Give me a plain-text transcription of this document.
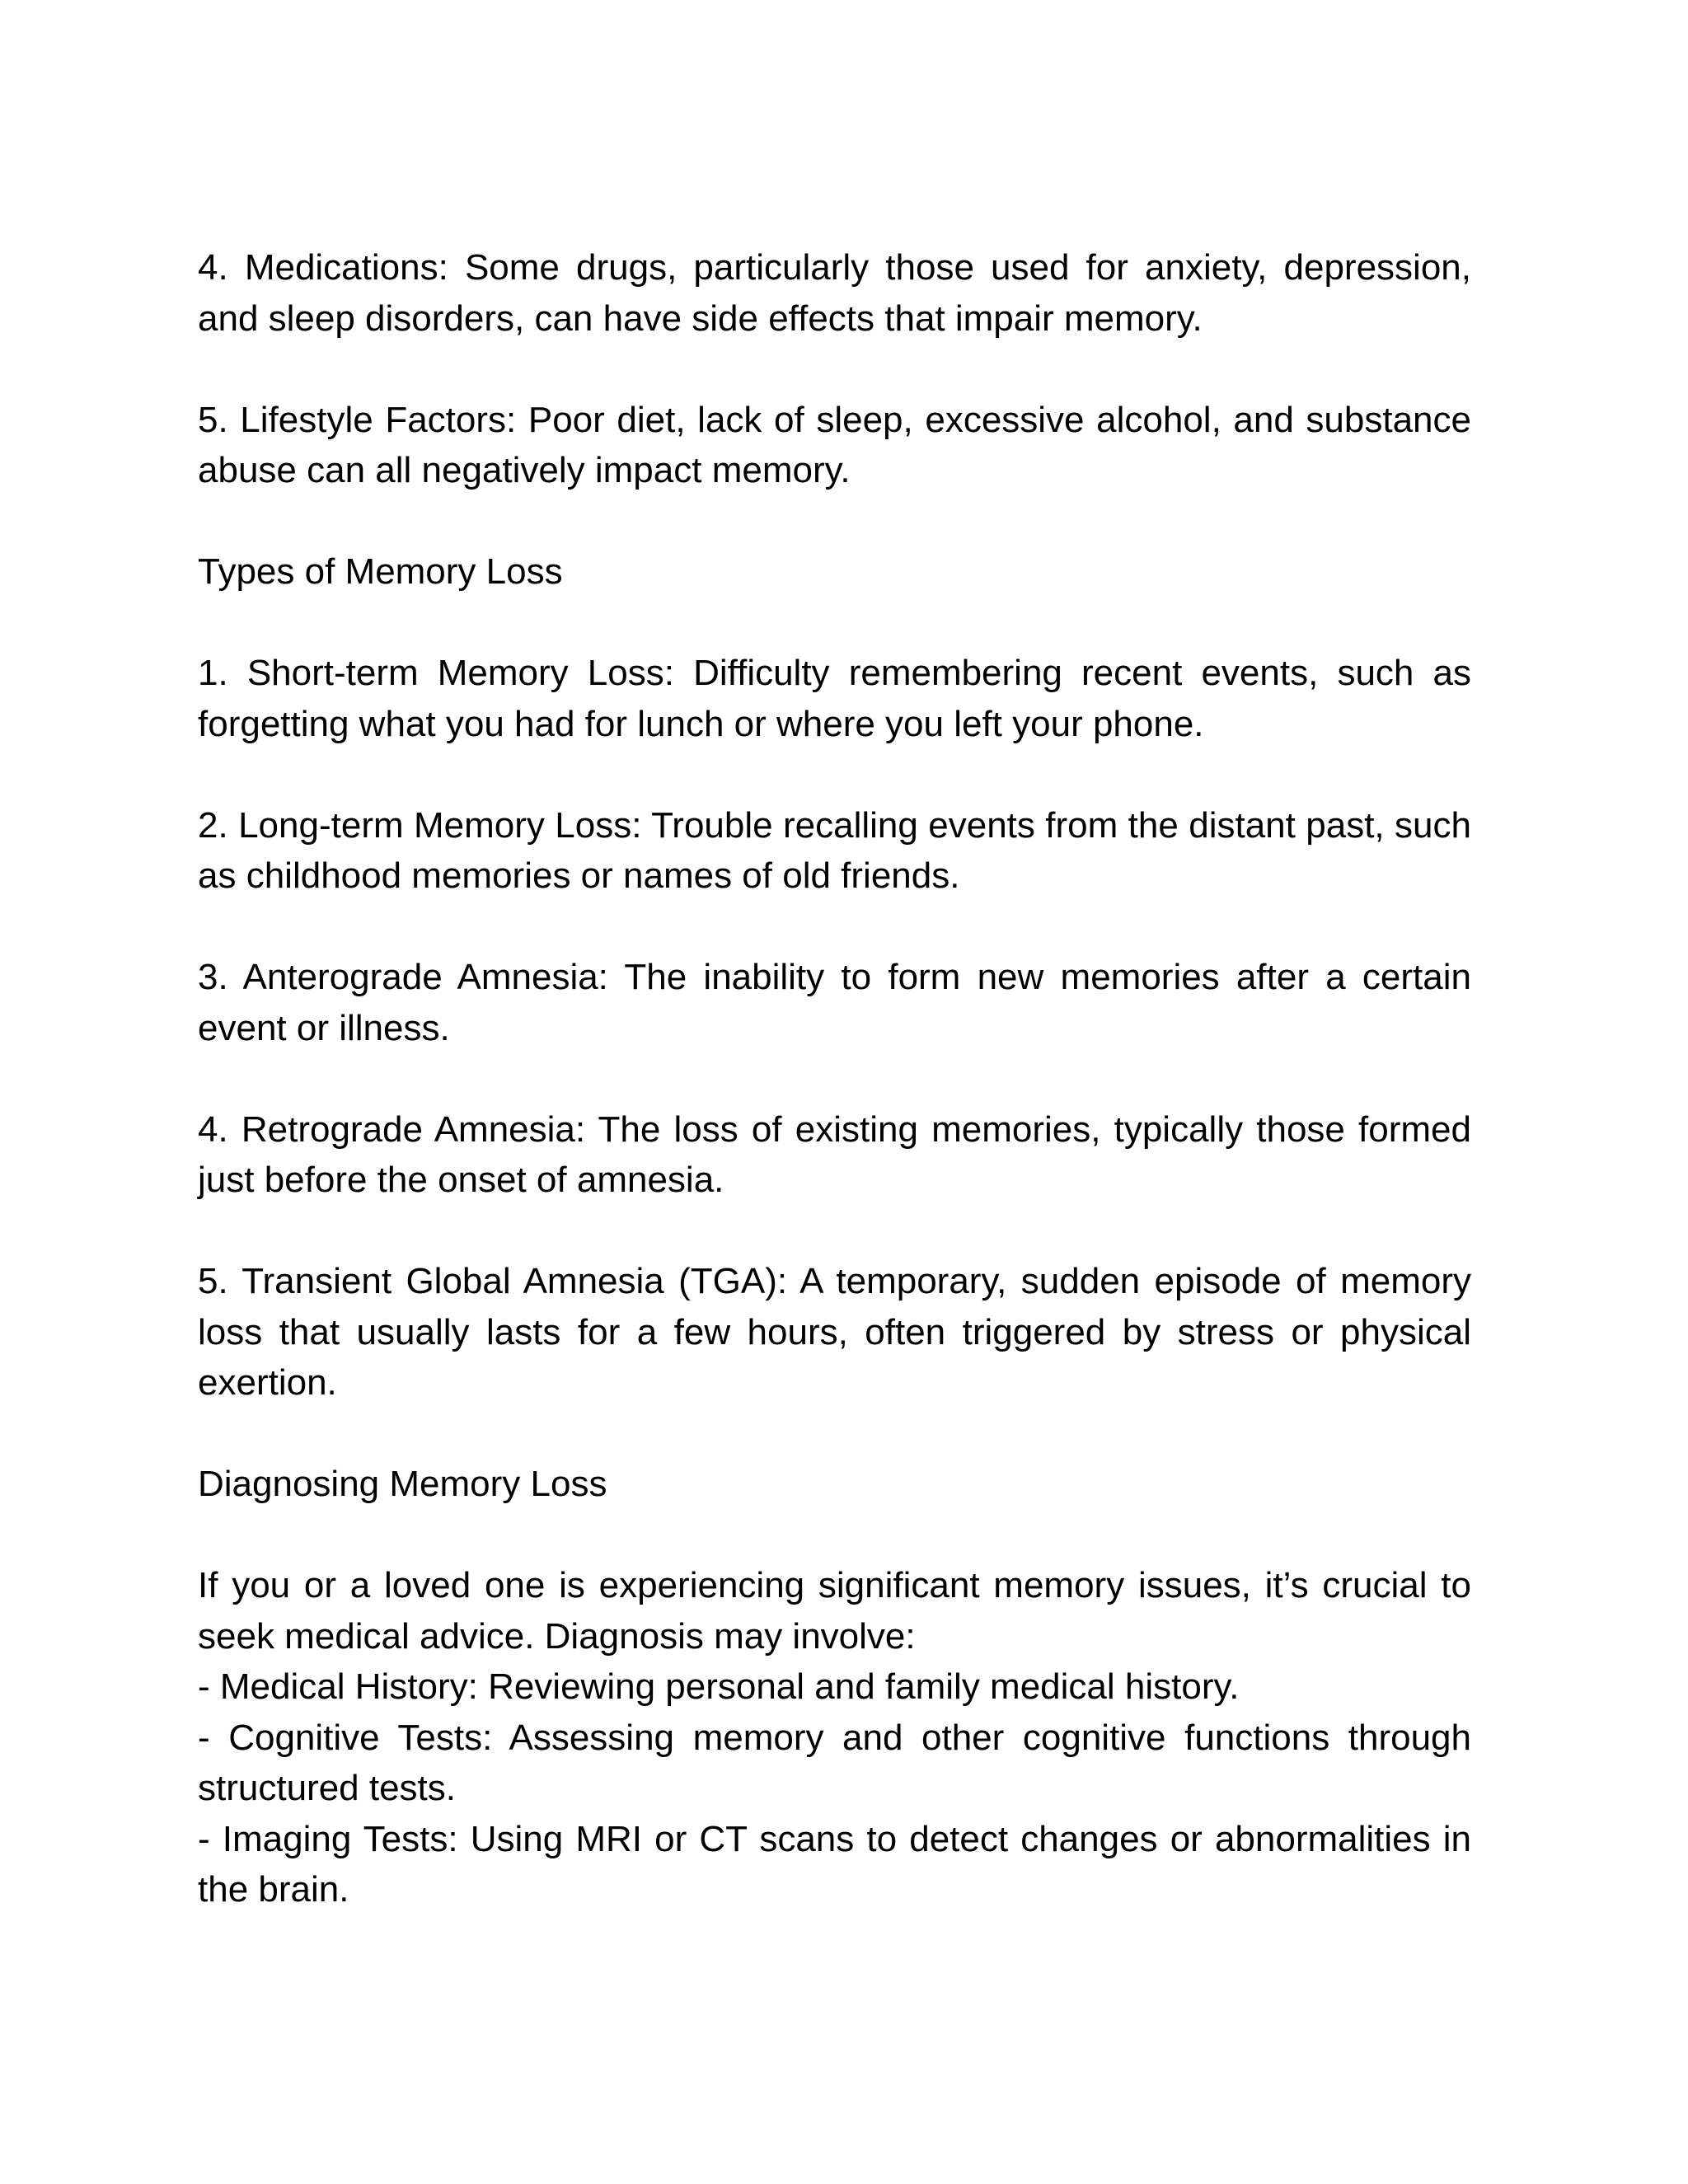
4. Medications: Some drugs, particularly those used for anxiety, depression, and sleep disorders, can have side effects that impair memory.

5. Lifestyle Factors: Poor diet, lack of sleep, excessive alcohol, and substance abuse can all negatively impact memory.

Types of Memory Loss

1. Short-term Memory Loss: Difficulty remembering recent events, such as forgetting what you had for lunch or where you left your phone.

2. Long-term Memory Loss: Trouble recalling events from the distant past, such as childhood memories or names of old friends.

3. Anterograde Amnesia: The inability to form new memories after a certain event or illness.

4. Retrograde Amnesia: The loss of existing memories, typically those formed just before the onset of amnesia.

5. Transient Global Amnesia (TGA): A temporary, sudden episode of memory loss that usually lasts for a few hours, often triggered by stress or physical exertion.

Diagnosing Memory Loss

If you or a loved one is experiencing significant memory issues, it’s crucial to seek medical advice. Diagnosis may involve:

- Medical History: Reviewing personal and family medical history.

- Cognitive Tests: Assessing memory and other cognitive functions through structured tests.

- Imaging Tests: Using MRI or CT scans to detect changes or abnormalities in the brain.
